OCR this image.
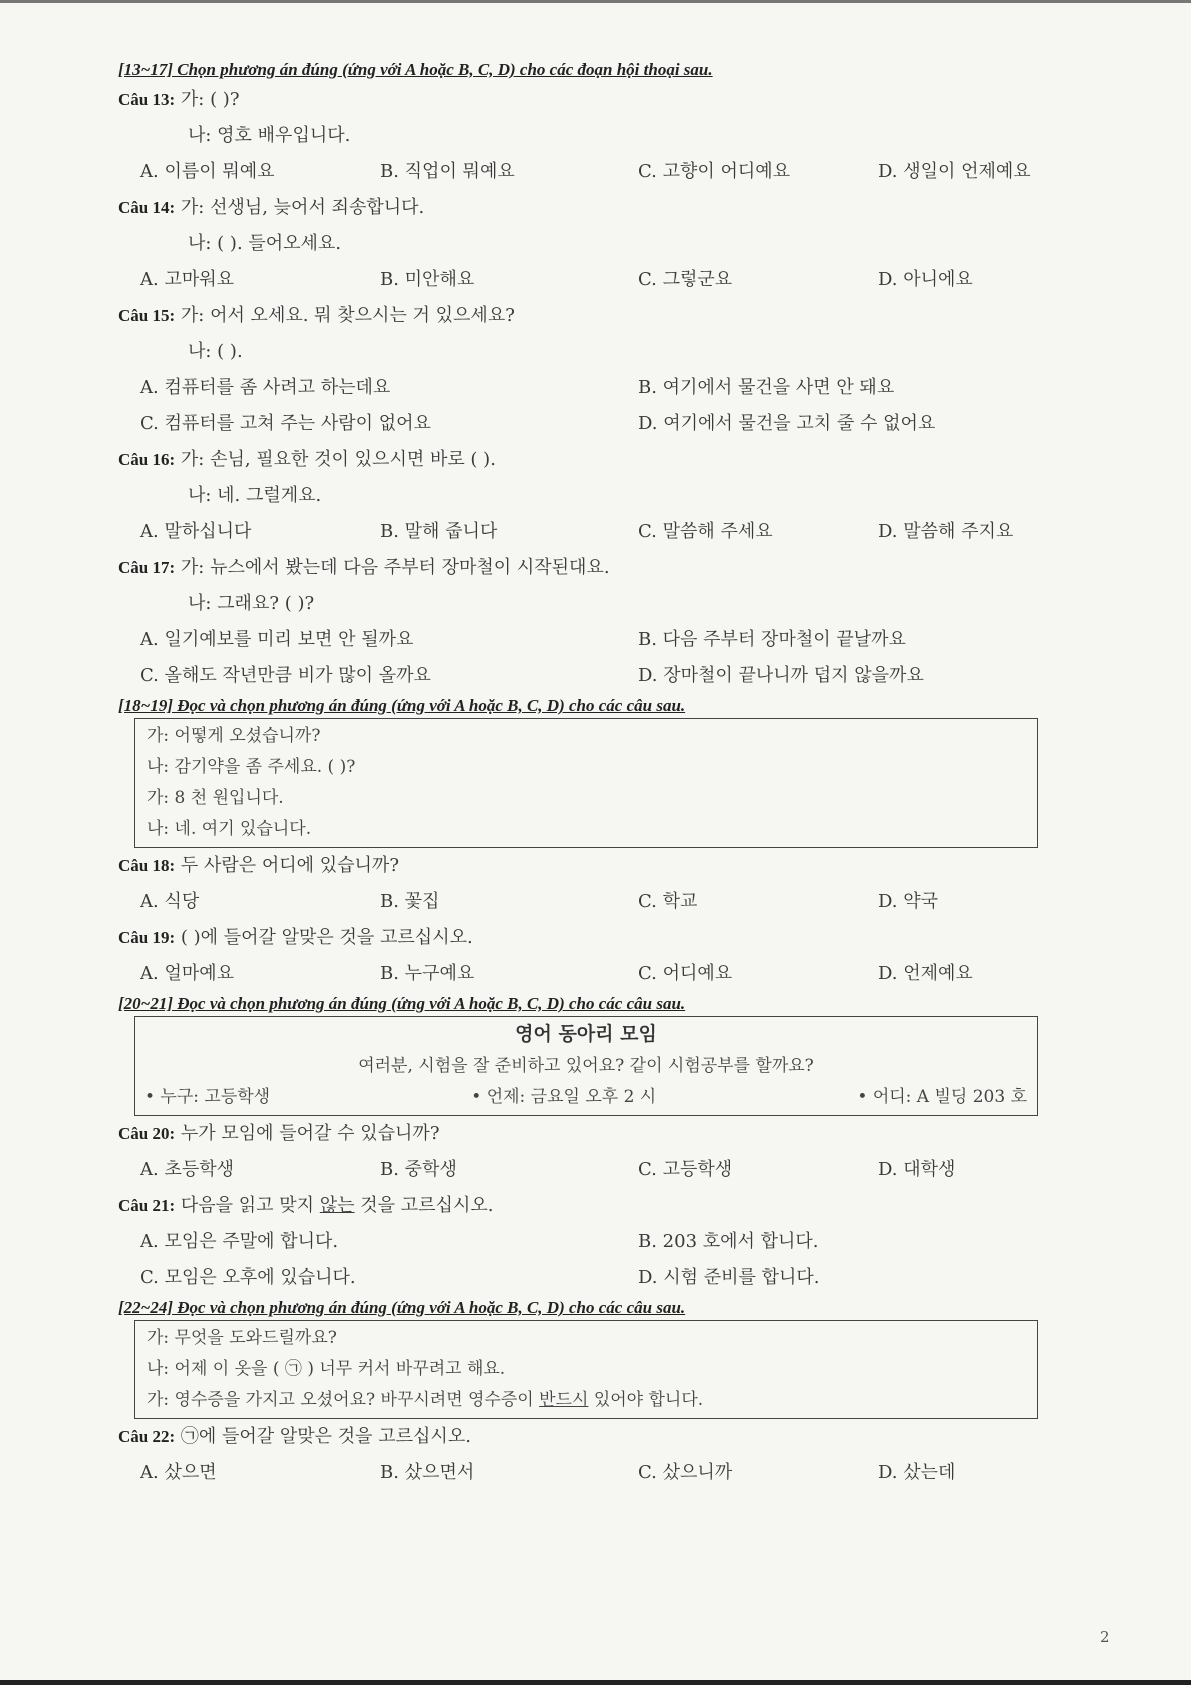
[13~17] Chọn phương án đúng (ứng với A hoặc B, C, D) cho các đoạn hội thoại sau.
Câu 13: 가: ( )?
나: 영호 배우입니다.
A. 이름이 뭐예요	B. 직업이 뭐예요	C. 고향이 어디예요	D. 생일이 언제예요
Câu 14: 가: 선생님, 늦어서 죄송합니다.
나: ( ). 들어오세요.
A. 고마워요	B. 미안해요	C. 그렇군요	D. 아니에요
Câu 15: 가: 어서 오세요. 뭐 찾으시는 거 있으세요?
나: ( ).
A. 컴퓨터를 좀 사려고 하는데요	B. 여기에서 물건을 사면 안 돼요
C. 컴퓨터를 고쳐 주는 사람이 없어요	D. 여기에서 물건을 고치 줄 수 없어요
Câu 16: 가: 손님, 필요한 것이 있으시면 바로 ( ).
나: 네. 그럴게요.
A. 말하십니다	B. 말해 줍니다	C. 말씀해 주세요	D. 말씀해 주지요
Câu 17: 가: 뉴스에서 봤는데 다음 주부터 장마철이 시작된대요.
나: 그래요? ( )?
A. 일기예보를 미리 보면 안 될까요	B. 다음 주부터 장마철이 끝날까요
C. 올해도 작년만큼 비가 많이 올까요	D. 장마철이 끝나니까 덥지 않을까요
[18~19] Đọc và chọn phương án đúng (ứng với A hoặc B, C, D) cho các câu sau.
가: 어떻게 오셨습니까?
나: 감기약을 좀 주세요. ( )?
가: 8 천 원입니다.
나: 네. 여기 있습니다.
Câu 18: 두 사람은 어디에 있습니까?
A. 식당	B. 꽃집	C. 학교	D. 약국
Câu 19: ( )에 들어갈 알맞은 것을 고르십시오.
A. 얼마예요	B. 누구예요	C. 어디예요	D. 언제예요
[20~21] Đọc và chọn phương án đúng (ứng với A hoặc B, C, D) cho các câu sau.
영어 동아리 모임
여러분, 시험을 잘 준비하고 있어요? 같이 시험공부를 할까요?
• 누구: 고등학생	• 언제: 금요일 오후 2 시	• 어디: A 빌딩 203 호
Câu 20: 누가 모임에 들어갈 수 있습니까?
A. 초등학생	B. 중학생	C. 고등학생	D. 대학생
Câu 21: 다음을 읽고 맞지 않는 것을 고르십시오.
A. 모임은 주말에 합니다.	B. 203 호에서 합니다.
C. 모임은 오후에 있습니다.	D. 시험 준비를 합니다.
[22~24] Đọc và chọn phương án đúng (ứng với A hoặc B, C, D) cho các câu sau.
가: 무엇을 도와드릴까요?
나: 어제 이 옷을 ( ㉠ ) 너무 커서 바꾸려고 해요.
가: 영수증을 가지고 오셨어요? 바꾸시려면 영수증이 반드시 있어야 합니다.
Câu 22: ㉠에 들어갈 알맞은 것을 고르십시오.
A. 샀으면	B. 샀으면서	C. 샀으니까	D. 샀는데
2
